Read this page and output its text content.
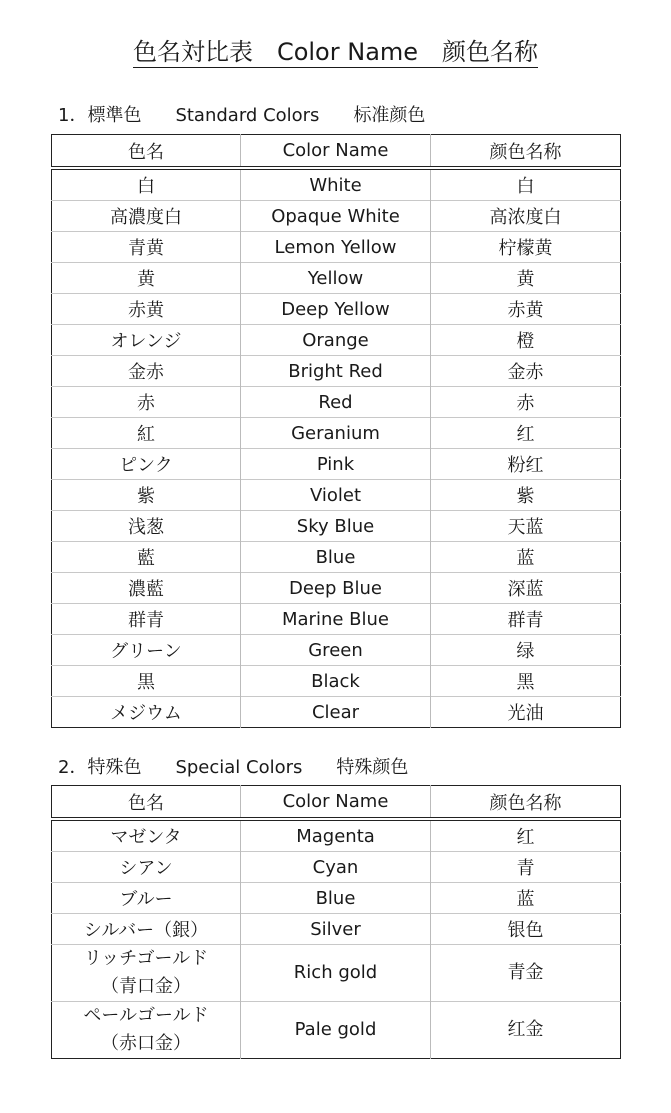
色名対比表　Color Name　颜色名称
1．標準色 Standard Colors 标准颜色
色名	Color Name	颜色名称
白	White	白
高濃度白	Opaque White	高浓度白
青黄	Lemon Yellow	柠檬黄
黄	Yellow	黄
赤黄	Deep Yellow	赤黄
オレンジ	Orange	橙
金赤	Bright Red	金赤
赤	Red	赤
紅	Geranium	红
ピンク	Pink	粉红
紫	Violet	紫
浅葱	Sky Blue	天蓝
藍	Blue	蓝
濃藍	Deep Blue	深蓝
群青	Marine Blue	群青
グリーン	Green	绿
黒	Black	黑
メジウム	Clear	光油
2．特殊色 Special Colors 特殊颜色
色名	Color Name	颜色名称
マゼンタ	Magenta	红
シアン	Cyan	青
ブルー	Blue	蓝
シルバー（銀）	Silver	银色
リッチゴールド
（青口金）	Rich gold	青金
ペールゴールド
（赤口金）	Pale gold	红金
